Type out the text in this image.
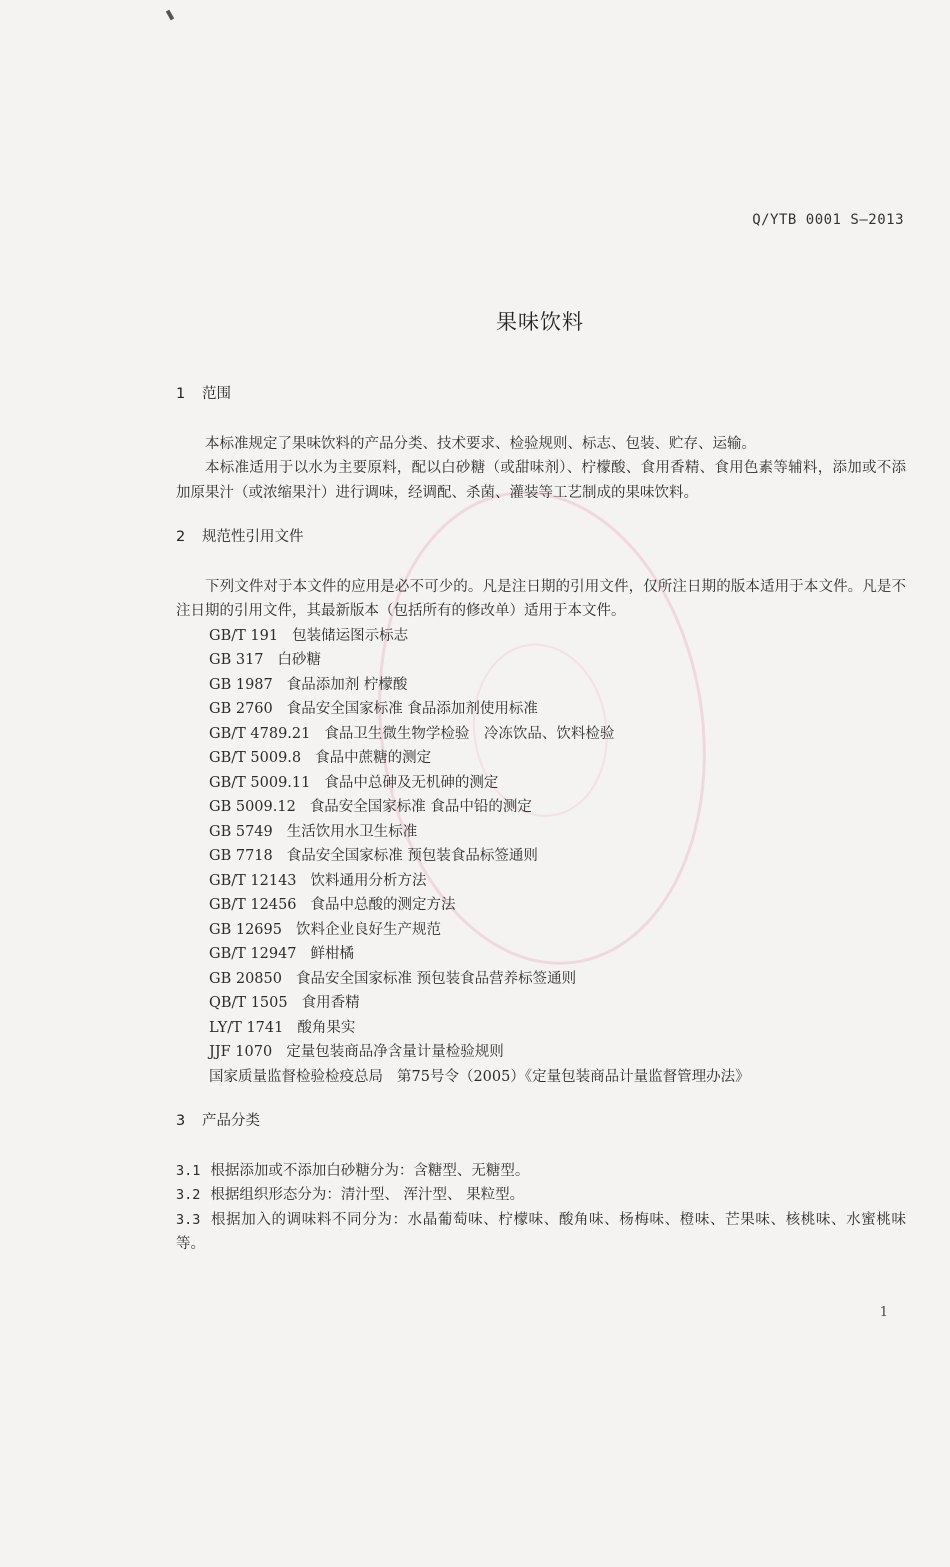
Q/YTB 0001 S—2013
果味饮料
1 范围
本标准规定了果味饮料的产品分类、技术要求、检验规则、标志、包装、贮存、运输。
本标准适用于以水为主要原料，配以白砂糖（或甜味剂）、柠檬酸、食用香精、食用色素等辅料，添加或不添加原果汁（或浓缩果汁）进行调味，经调配、杀菌、灌装等工艺制成的果味饮料。
2 规范性引用文件
下列文件对于本文件的应用是必不可少的。凡是注日期的引用文件，仅所注日期的版本适用于本文件。凡是不注日期的引用文件，其最新版本（包括所有的修改单）适用于本文件。
GB/T 191 包装储运图示标志
GB 317 白砂糖
GB 1987 食品添加剂 柠檬酸
GB 2760 食品安全国家标准 食品添加剂使用标准
GB/T 4789.21 食品卫生微生物学检验　冷冻饮品、饮料检验
GB/T 5009.8 食品中蔗糖的测定
GB/T 5009.11 食品中总砷及无机砷的测定
GB 5009.12 食品安全国家标准 食品中铅的测定
GB 5749 生活饮用水卫生标准
GB 7718 食品安全国家标准 预包装食品标签通则
GB/T 12143 饮料通用分析方法
GB/T 12456 食品中总酸的测定方法
GB 12695 饮料企业良好生产规范
GB/T 12947 鲜柑橘
GB 20850 食品安全国家标准 预包装食品营养标签通则
QB/T 1505 食用香精
LY/T 1741 酸角果实
JJF 1070 定量包装商品净含量计量检验规则
国家质量监督检验检疫总局 第75号令（2005）《定量包装商品计量监督管理办法》
3 产品分类
3.1 根据添加或不添加白砂糖分为：含糖型、无糖型。
3.2 根据组织形态分为：清汁型、 浑汁型、 果粒型。
3.3 根据加入的调味料不同分为：水晶葡萄味、柠檬味、酸角味、杨梅味、橙味、芒果味、核桃味、水蜜桃味等。
1
